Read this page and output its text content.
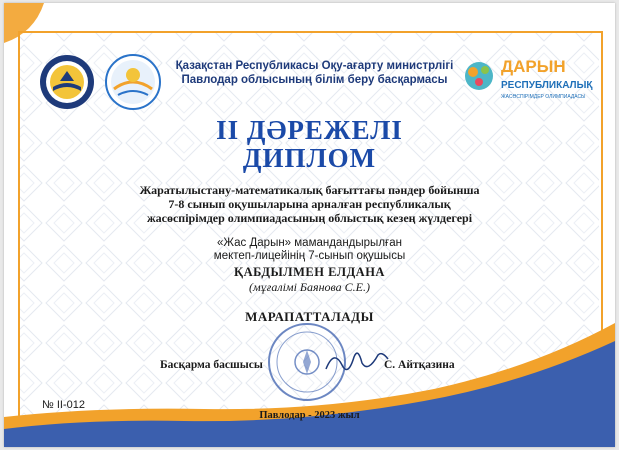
Қазақстан Республикасы Оқу-ағарту министрлігі
Павлодар облысының білім беру басқармасы
ДАРЫН
РЕСПУБЛИКАЛЫҚ
ЖАСӨСПІРІМДЕР ОЛИМПИАДАСЫ
II ДӘРЕЖЕЛІ
ДИПЛОМ
Жаратылыстану-математикалық бағыттағы пәндер бойынша
7-8 сынып оқушыларына арналған республикалық
жасөспірімдер олимпиадасының облыстық кезең жүлдегері
«Жас Дарын» мамандандырылған
мектеп-лицейінің 7-сынып оқушысы
ҚАБДЫЛМЕН ЕЛДАНА
(мұғалімі Баянова С.Е.)
МАРАПАТТАЛАДЫ
Басқарма басшысы	С. Айтқазина
№ II-012
Павлодар - 2023 жыл
